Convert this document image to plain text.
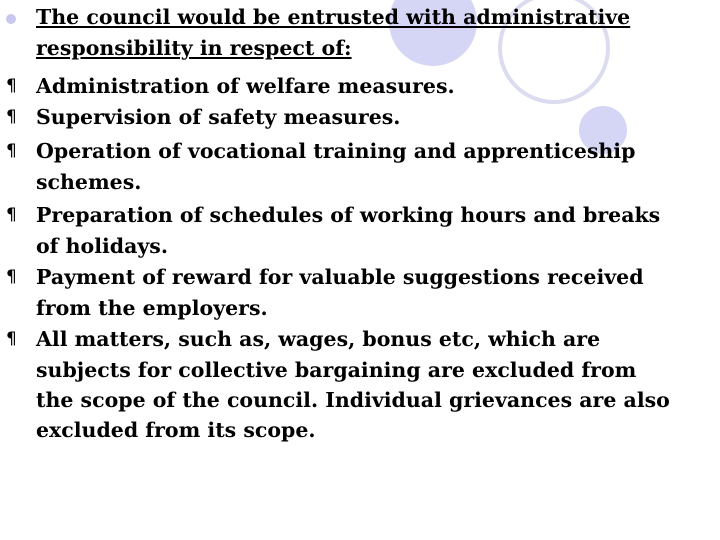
The council would be entrusted with administrative
responsibility in respect of:
¶ Administration of welfare measures.
¶ Supervision of safety measures.
¶ Operation of vocational training and apprenticeship
schemes.
¶ Preparation of schedules of working hours and breaks
of holidays.
¶ Payment of reward for valuable suggestions received
from the employers.
¶ All matters, such as, wages, bonus etc, which are
subjects for collective bargaining are excluded from
the scope of the council. Individual grievances are also
excluded from its scope.
